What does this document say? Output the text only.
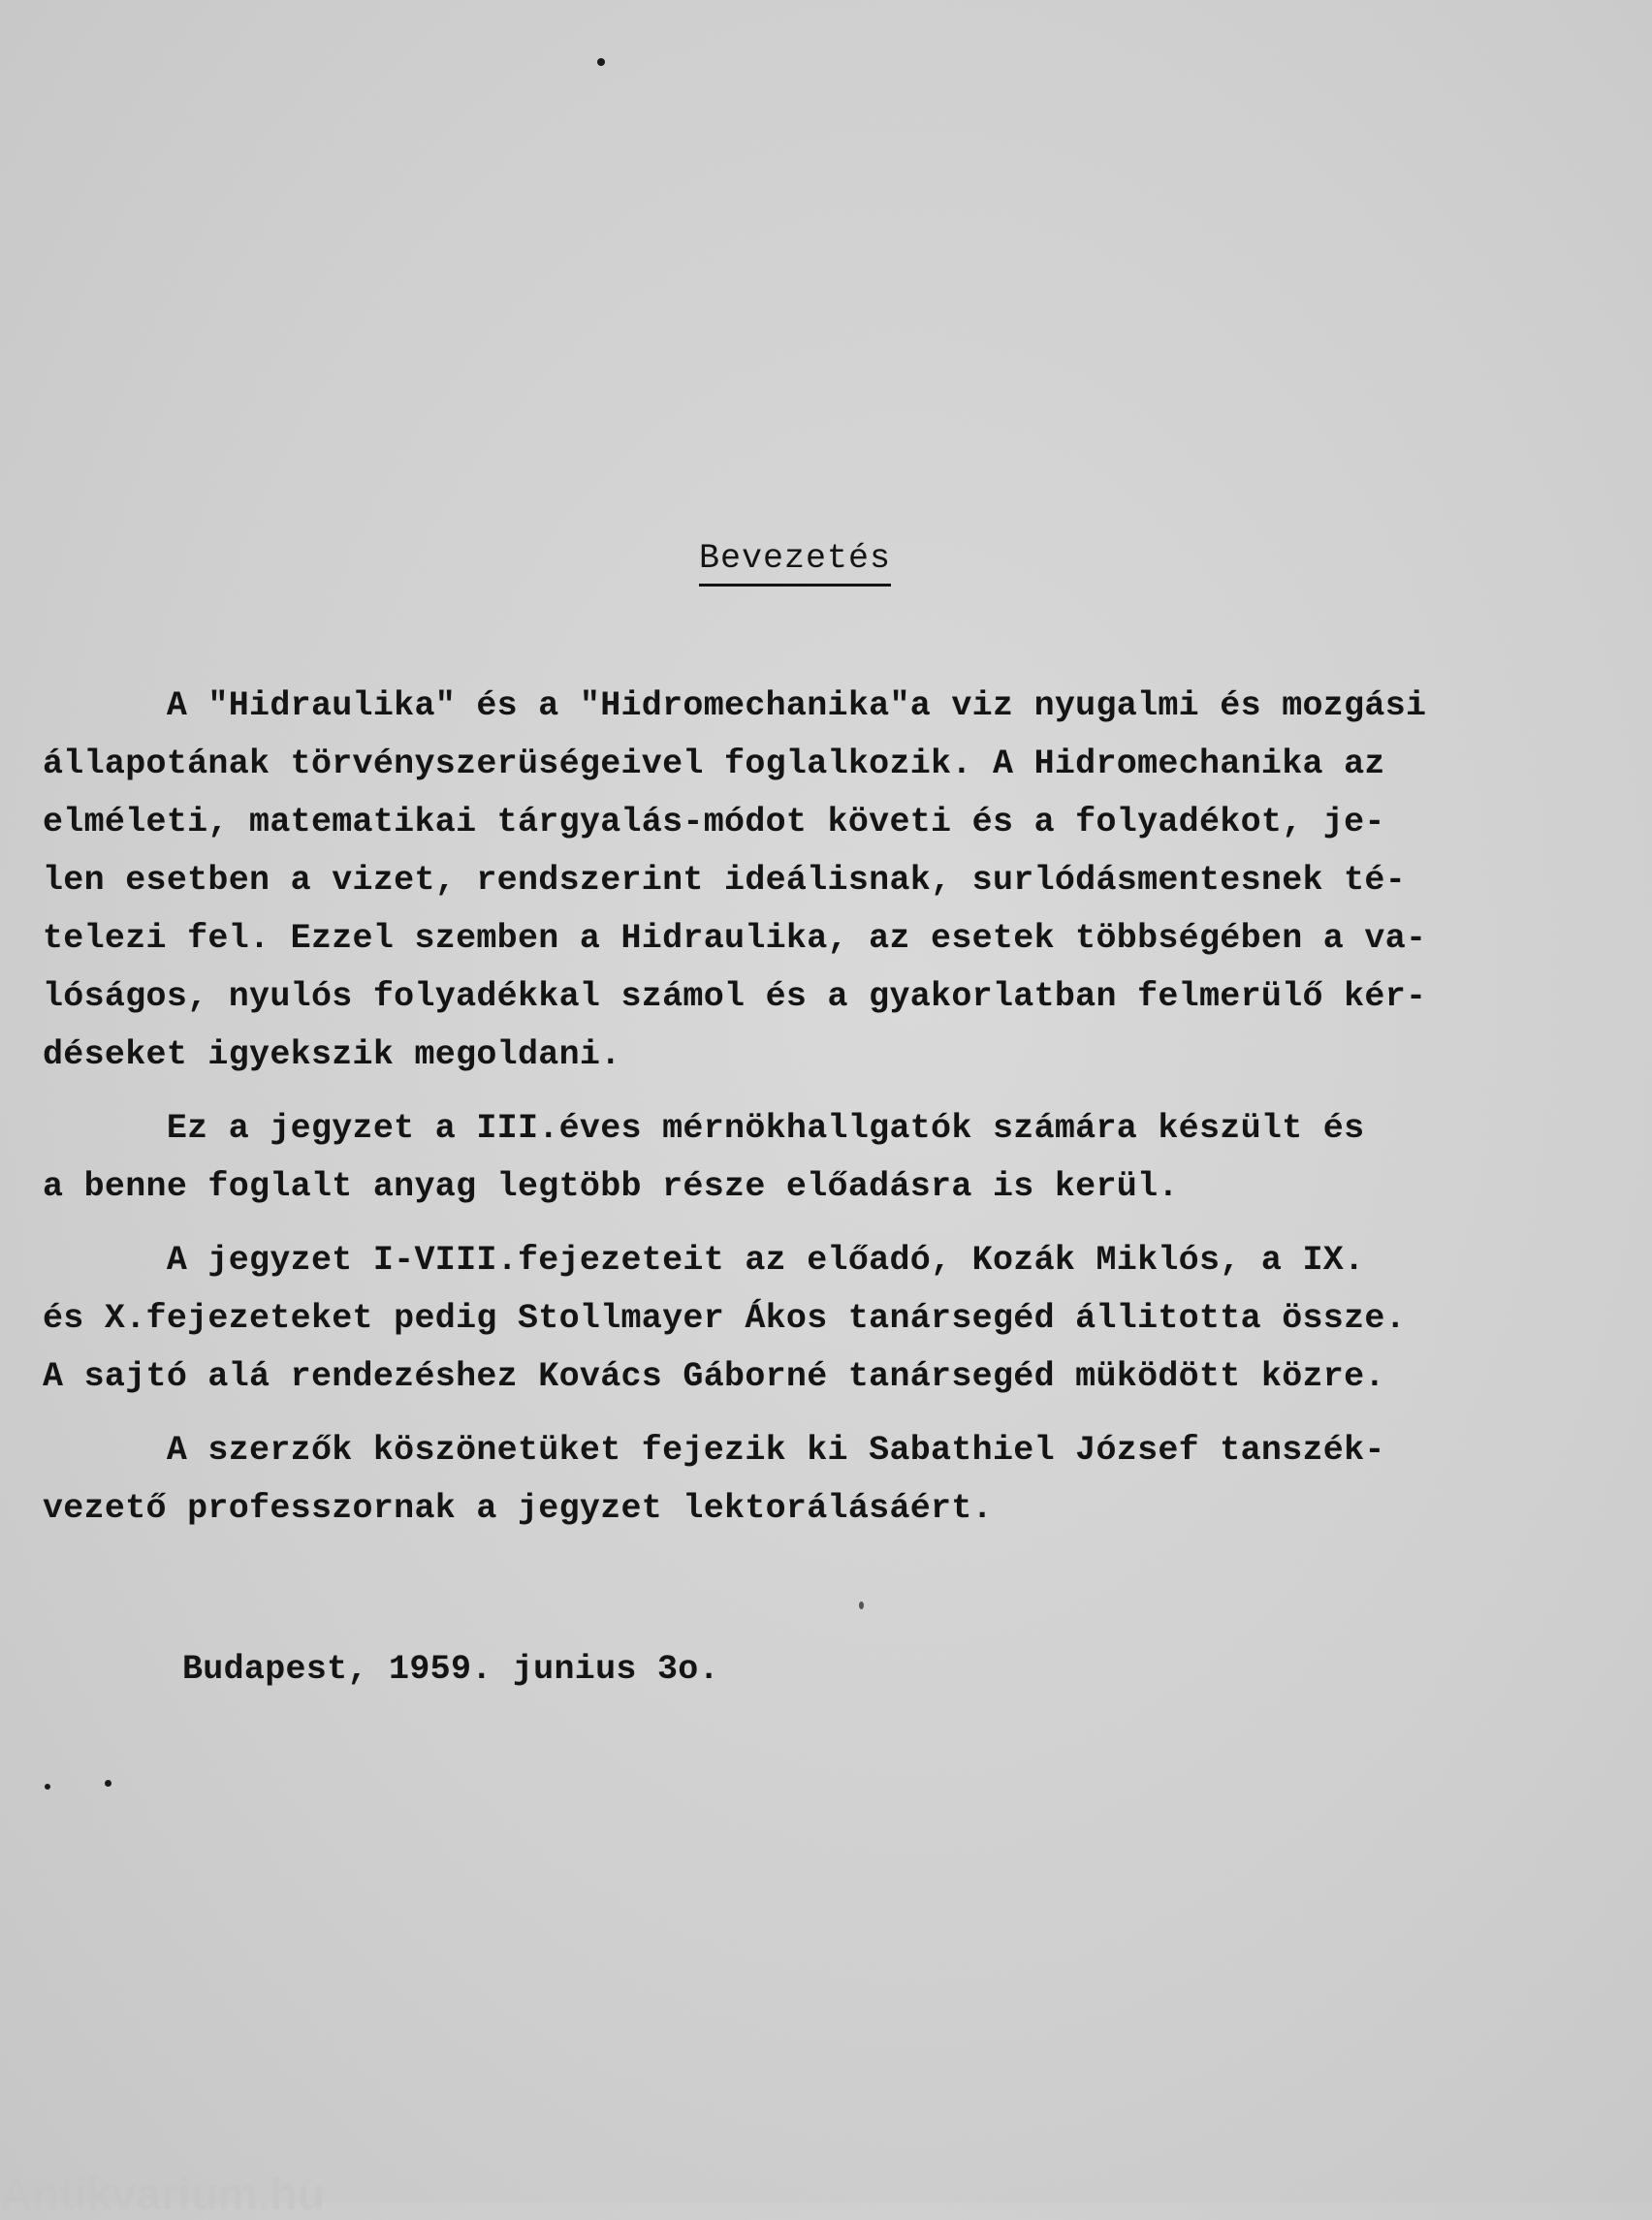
Bevezetés
A "Hidraulika" és a "Hidromechanika"a viz nyugalmi és mozgási
állapotának törvényszerüségeivel foglalkozik. A Hidromechanika az
elméleti, matematikai tárgyalás-módot követi és a folyadékot, je-
len esetben a vizet, rendszerint ideálisnak, surlódásmentesnek té-
telezi fel. Ezzel szemben a Hidraulika, az esetek többségében a va-
lóságos, nyulós folyadékkal számol és a gyakorlatban felmerülő kér-
déseket igyekszik megoldani.
Ez a jegyzet a III.éves mérnökhallgatók számára készült és
a benne foglalt anyag legtöbb része előadásra is kerül.
A jegyzet I-VIII.fejezeteit az előadó, Kozák Miklós, a IX.
és X.fejezeteket pedig Stollmayer Ákos tanársegéd állitotta össze.
A sajtó alá rendezéshez Kovács Gáborné tanársegéd müködött közre.
A szerzők köszönetüket fejezik ki Sabathiel József tanszék-
vezető professzornak a jegyzet lektorálásáért.
Budapest, 1959. junius 3o.
Antikvarium.hu
